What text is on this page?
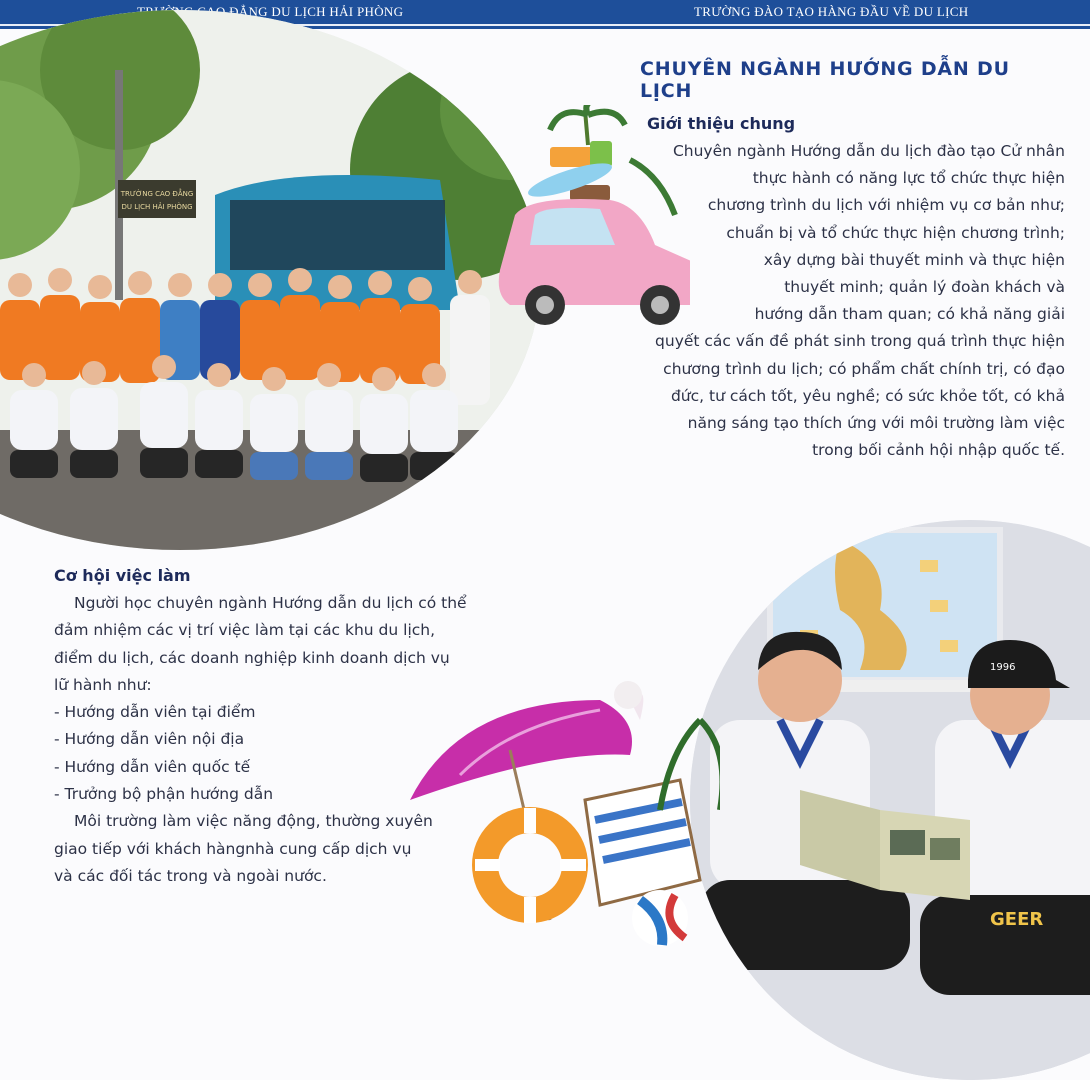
TRƯỜNG ĐÀO TẠO HÀNG ĐẦU VỀ DU LỊCH
TRƯỜNG CAO ĐẲNG
DU LỊCH HẢI PHÒNG
CHUYÊN NGÀNH HƯỚNG DẪN DU LỊCH
Giới thiệu chung
Chuyên ngành Hướng dẫn du lịch đào tạo Cử nhân
thực hành có năng lực tổ chức thực hiện
chương trình du lịch với nhiệm vụ cơ bản như;
chuẩn bị và tổ chức thực hiện chương trình;
xây dựng bài thuyết minh và thực hiện
thuyết minh; quản lý đoàn khách và
hướng dẫn tham quan; có khả năng giải
quyết các vấn đề phát sinh trong quá trình thực hiện
chương trình du lịch; có phẩm chất chính trị, có đạo
đức, tư cách tốt, yêu nghề; có sức khỏe tốt, có khả
năng sáng tạo thích ứng với môi trường làm việc
trong bối cảnh hội nhập quốc tế.
1996
GEER
Cơ hội việc làm

Người học chuyên ngành Hướng dẫn du lịch có thể

đảm nhiệm các vị trí việc làm tại các khu du lịch,

điểm du lịch, các doanh nghiệp kinh doanh dịch vụ

lữ hành như:

- Hướng dẫn viên tại điểm

- Hướng dẫn viên nội địa

- Hướng dẫn viên quốc tế

- Trưởng bộ phận hướng dẫn

Môi trường làm việc năng động, thường xuyên

giao tiếp với khách hàngnhà cung cấp dịch vụ

và các đối tác trong và ngoài nước.
